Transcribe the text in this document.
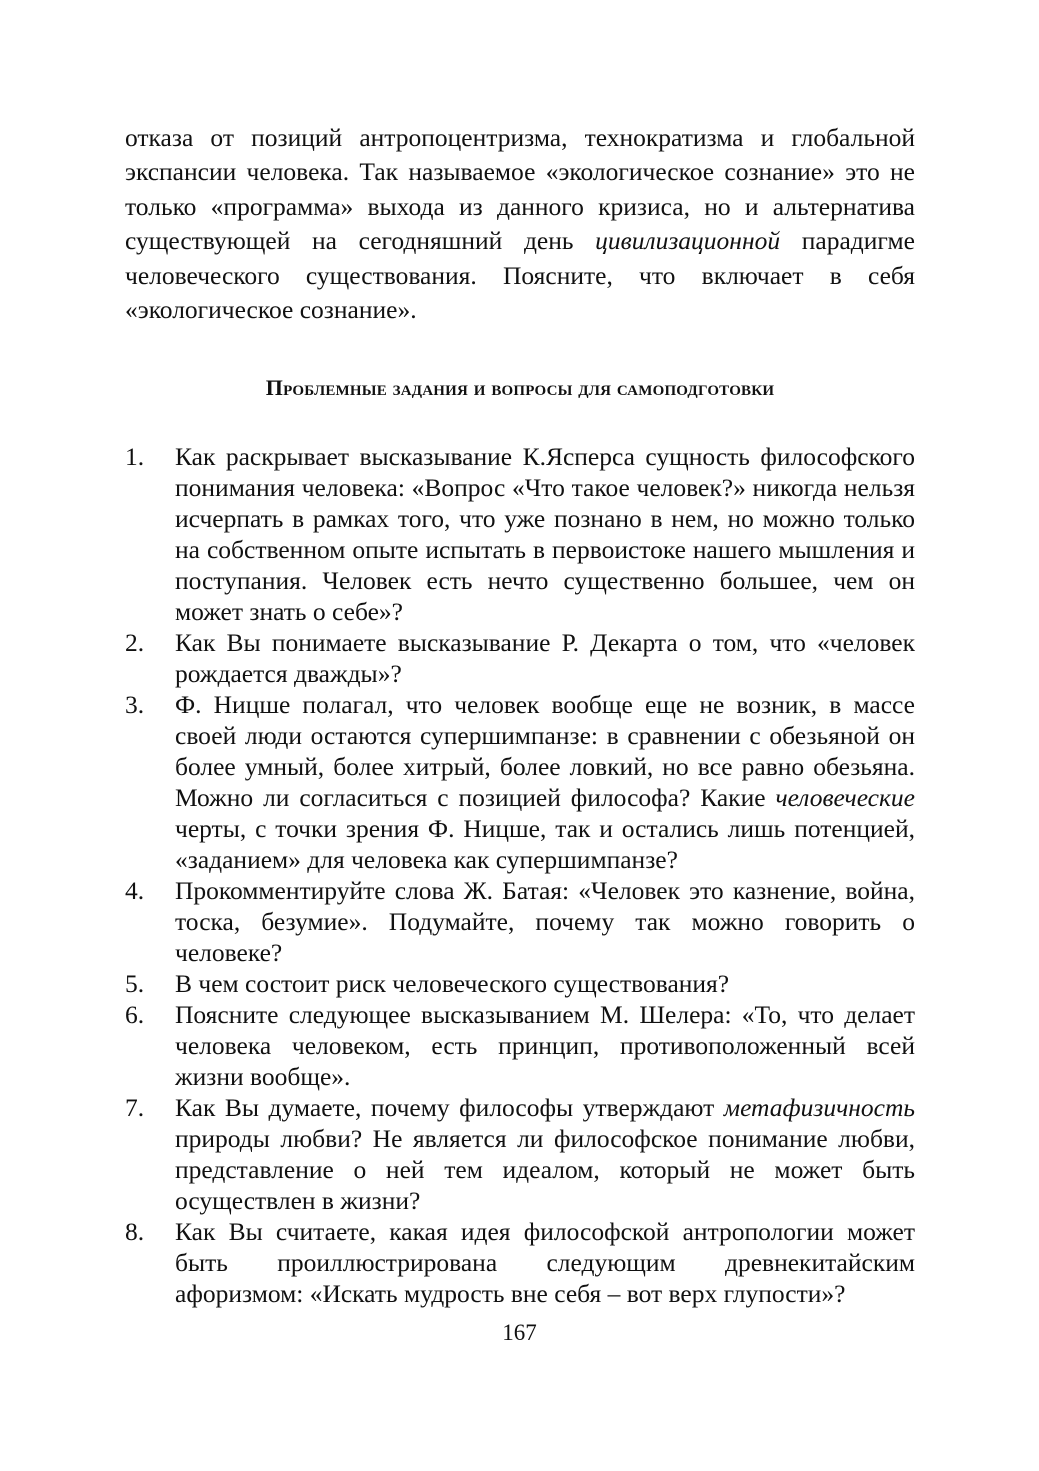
отказа от позиций антропоцентризма, технократизма и глобальной экспансии человека. Так называемое «экологическое сознание» это не только «программа» выхода из данного кризиса, но и альтернатива существующей на сегодняшний день цивилизационной парадигме человеческого существования. Поясните, что включает в себя «экологическое сознание».

Проблемные задания и вопросы для самоподготовки
1. Как раскрывает высказывание К.Ясперса сущность философского понимания человека: «Вопрос «Что такое человек?» никогда нельзя исчерпать в рамках того, что уже познано в нем, но можно только на собственном опыте испытать в первоистоке нашего мышления и поступания. Человек есть нечто существенно большее, чем он может знать о себе»?
2. Как Вы понимаете высказывание Р. Декарта о том, что «человек рождается дважды»?
3. Ф. Ницше полагал, что человек вообще еще не возник, в массе своей люди остаются супершимпанзе: в сравнении с обезьяной он более умный, более хитрый, более ловкий, но все равно обезьяна. Можно ли согласиться с позицией философа? Какие человеческие черты, с точки зрения Ф. Ницше, так и остались лишь потенцией, «заданием» для человека как супершимпанзе?
4. Прокомментируйте слова Ж. Батая: «Человек это казнение, война, тоска, безумие». Подумайте, почему так можно говорить о человеке?
5. В чем состоит риск человеческого существования?
6. Поясните следующее высказыванием М. Шелера: «То, что делает человека человеком, есть принцип, противоположенный всей жизни вообще».
7. Как Вы думаете, почему философы утверждают метафизичность природы любви? Не является ли философское понимание любви, представление о ней тем идеалом, который не может быть осуществлен в жизни?
8. Как Вы считаете, какая идея философской антропологии может быть проиллюстрирована следующим древнекитайским афоризмом: «Искать мудрость вне себя – вот верх глупости»?
167
